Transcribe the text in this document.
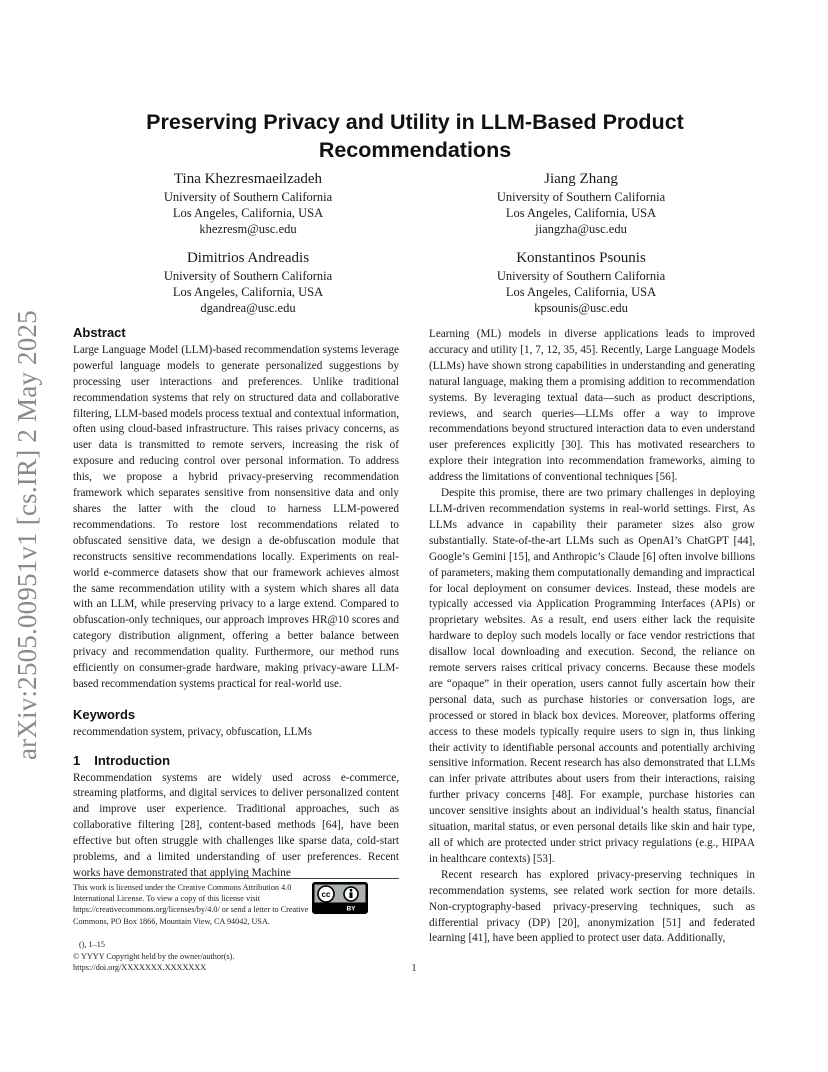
arXiv:2505.00951v1 [cs.IR] 2 May 2025
Preserving Privacy and Utility in LLM-Based Product
Recommendations
Tina Khezresmaeilzadeh
University of Southern California
Los Angeles, California, USA
khezresm@usc.edu
Jiang Zhang
University of Southern California
Los Angeles, California, USA
jiangzha@usc.edu
Dimitrios Andreadis
University of Southern California
Los Angeles, California, USA
dgandrea@usc.edu
Konstantinos Psounis
University of Southern California
Los Angeles, California, USA
kpsounis@usc.edu
Abstract

Large Language Model (LLM)-based recommendation systems leverage powerful language models to generate personalized suggestions by processing user interactions and preferences. Unlike traditional recommendation systems that rely on structured data and collaborative filtering, LLM-based models process textual and contextual information, often using cloud-based infrastructure. This raises privacy concerns, as user data is transmitted to remote servers, increasing the risk of exposure and reducing control over personal information. To address this, we propose a hybrid privacy-preserving recommendation framework which separates sensitive from nonsensitive data and only shares the latter with the cloud to harness LLM-powered recommendations. To restore lost recommendations related to obfuscated sensitive data, we design a de-obfuscation module that reconstructs sensitive recommendations locally. Experiments on real-world e-commerce datasets show that our framework achieves almost the same recommendation utility with a system which shares all data with an LLM, while preserving privacy to a large extend. Compared to obfuscation-only techniques, our approach improves HR@10 scores and category distribution alignment, offering a better balance between privacy and recommendation quality. Furthermore, our method runs efficiently on consumer-grade hardware, making privacy-aware LLM-based recommendation systems practical for real-world use.

Keywords

recommendation system, privacy, obfuscation, LLMs

1 Introduction

Recommendation systems are widely used across e-commerce, streaming platforms, and digital services to deliver personalized content and improve user experience. Traditional approaches, such as collaborative filtering [28], content-based methods [64], have been effective but often struggle with challenges like sparse data, cold-start problems, and a limited understanding of user preferences. Recent works have demonstrated that applying Machine

This work is licensed under the Creative Commons Attribution 4.0 International License. To view a copy of this license visit https://creativecommons.org/licenses/by/4.0/ or send a letter to Creative Commons, PO Box 1866, Mountain View, CA 94042, USA.
cc
BY
(), 1–15
© YYYY Copyright held by the owner/author(s).
https://doi.org/XXXXXXX.XXXXXXX

Learning (ML) models in diverse applications leads to improved accuracy and utility [1, 7, 12, 35, 45]. Recently, Large Language Models (LLMs) have shown strong capabilities in understanding and generating natural language, making them a promising addition to recommendation systems. By leveraging textual data—such as product descriptions, reviews, and search queries—LLMs offer a way to improve recommendations beyond structured interaction data to even understand user preferences explicitly [30]. This has motivated researchers to explore their integration into recommendation frameworks, aiming to address the limitations of conventional techniques [56].

Despite this promise, there are two primary challenges in deploying LLM-driven recommendation systems in real-world settings. First, As LLMs advance in capability their parameter sizes also grow substantially. State-of-the-art LLMs such as OpenAI’s ChatGPT [44], Google’s Gemini [15], and Anthropic’s Claude [6] often involve billions of parameters, making them computationally demanding and impractical for local deployment on consumer devices. Instead, these models are typically accessed via Application Programming Interfaces (APIs) or proprietary websites. As a result, end users either lack the requisite hardware to deploy such models locally or face vendor restrictions that disallow local downloading and execution. Second, the reliance on remote servers raises critical privacy concerns. Because these models are “opaque” in their operation, users cannot fully ascertain how their personal data, such as purchase histories or conversation logs, are processed or stored in black box devices. Moreover, platforms offering access to these models typically require users to sign in, thus linking their activity to identifiable personal accounts and potentially archiving sensitive information. Recent research has also demonstrated that LLMs can infer private attributes about users from their interactions, raising further privacy concerns [48]. For example, purchase histories can uncover sensitive insights about an individual’s health status, financial situation, marital status, or even personal details like skin and hair type, all of which are protected under strict privacy regulations (e.g., HIPAA in healthcare contexts) [53].

Recent research has explored privacy-preserving techniques in recommendation systems, see related work section for more details. Non-cryptography-based privacy-preserving techniques, such as differential privacy (DP) [20], anonymization [51] and federated learning [41], have been applied to protect user data. Additionally,

1
